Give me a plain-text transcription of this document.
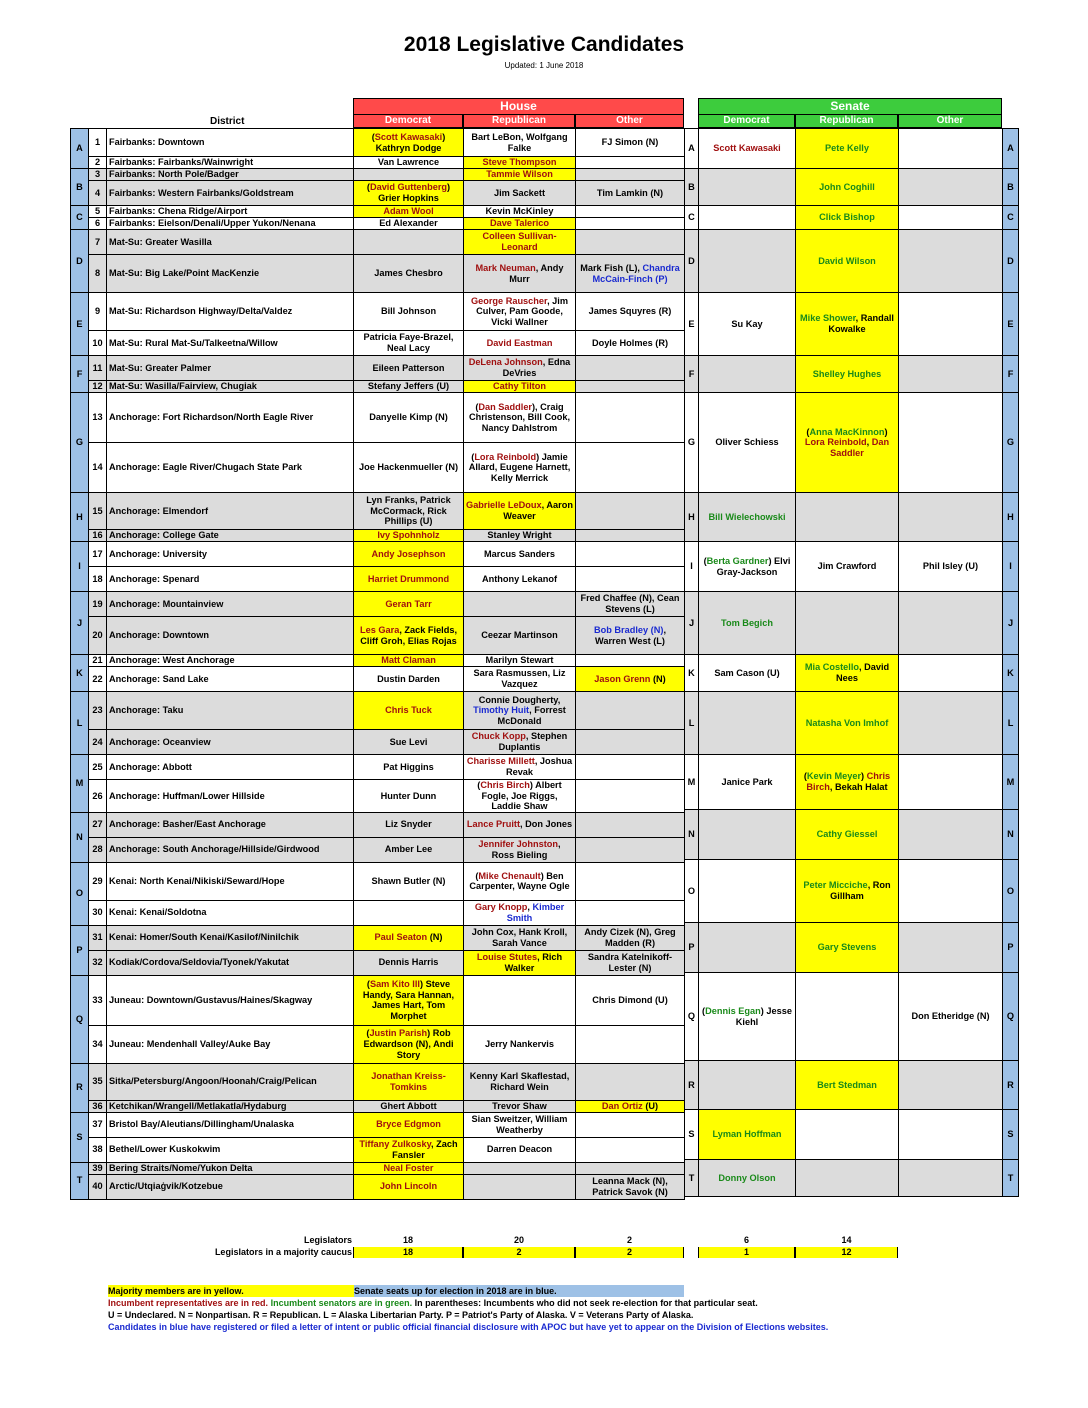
2018 Legislative Candidates
Updated: 1 June 2018
House
Democrat	Republican	Other
Senate
Democrat	Republican	Other
District
A	1	Fairbanks: Downtown	(Scott Kawasaki) Kathryn Dodge	Bart LeBon, Wolfgang Falke	FJ Simon (N)
	2	Fairbanks: Fairbanks/Wainwright	Van Lawrence	Steve Thompson	
B	3	Fairbanks: North Pole/Badger		Tammie Wilson	
	4	Fairbanks: Western Fairbanks/Goldstream	(David Guttenberg) Grier Hopkins	Jim Sackett	Tim Lamkin (N)
C	5	Fairbanks: Chena Ridge/Airport	Adam Wool	Kevin McKinley	
	6	Fairbanks: Eielson/Denali/Upper Yukon/Nenana	Ed Alexander	Dave Talerico	
D	7	Mat-Su: Greater Wasilla		Colleen Sullivan-Leonard	
	8	Mat-Su: Big Lake/Point MacKenzie	James Chesbro	Mark Neuman, Andy Murr	Mark Fish (L), Chandra McCain-Finch (P)
E	9	Mat-Su: Richardson Highway/Delta/Valdez	Bill Johnson	George Rauscher, Jim Culver, Pam Goode, Vicki Wallner	James Squyres (R)
	10	Mat-Su: Rural Mat-Su/Talkeetna/Willow	Patricia Faye-Brazel, Neal Lacy	David Eastman	Doyle Holmes (R)
F	11	Mat-Su: Greater Palmer	Eileen Patterson	DeLena Johnson, Edna DeVries	
	12	Mat-Su: Wasilla/Fairview, Chugiak	Stefany Jeffers (U)	Cathy Tilton	
G	13	Anchorage: Fort Richardson/North Eagle River	Danyelle Kimp (N)	(Dan Saddler), Craig Christenson, Bill Cook, Nancy Dahlstrom	
	14	Anchorage: Eagle River/Chugach State Park	Joe Hackenmueller (N)	(Lora Reinbold) Jamie Allard, Eugene Harnett, Kelly Merrick	
H	15	Anchorage: Elmendorf	Lyn Franks, Patrick McCormack, Rick Phillips (U)	Gabrielle LeDoux, Aaron Weaver	
	16	Anchorage: College Gate	Ivy Spohnholz	Stanley Wright	
I	17	Anchorage: University	Andy Josephson	Marcus Sanders	
	18	Anchorage: Spenard	Harriet Drummond	Anthony Lekanof	
J	19	Anchorage: Mountainview	Geran Tarr		Fred Chaffee (N), Cean Stevens (L)
	20	Anchorage: Downtown	Les Gara, Zack Fields, Cliff Groh, Elias Rojas	Ceezar Martinson	Bob Bradley (N), Warren West (L)
K	21	Anchorage: West Anchorage	Matt Claman	Marilyn Stewart	
	22	Anchorage: Sand Lake	Dustin Darden	Sara Rasmussen, Liz Vazquez	Jason Grenn (N)
L	23	Anchorage: Taku	Chris Tuck	Connie Dougherty, Timothy Huit, Forrest McDonald	
	24	Anchorage: Oceanview	Sue Levi	Chuck Kopp, Stephen Duplantis	
M	25	Anchorage: Abbott	Pat Higgins	Charisse Millett, Joshua Revak	
	26	Anchorage: Huffman/Lower Hillside	Hunter Dunn	(Chris Birch) Albert Fogle, Joe Riggs, Laddie Shaw	
N	27	Anchorage: Basher/East Anchorage	Liz Snyder	Lance Pruitt, Don Jones	
	28	Anchorage: South Anchorage/Hillside/Girdwood	Amber Lee	Jennifer Johnston, Ross Bieling	
O	29	Kenai: North Kenai/Nikiski/Seward/Hope	Shawn Butler (N)	(Mike Chenault) Ben Carpenter, Wayne Ogle	
	30	Kenai: Kenai/Soldotna		Gary Knopp, Kimber Smith	
P	31	Kenai: Homer/South Kenai/Kasilof/Ninilchik	Paul Seaton (N)	John Cox, Hank Kroll, Sarah Vance	Andy Cizek (N), Greg Madden (R)
	32	Kodiak/Cordova/Seldovia/Tyonek/Yakutat	Dennis Harris	Louise Stutes, Rich Walker	Sandra Katelnikoff-Lester (N)
Q	33	Juneau: Downtown/Gustavus/Haines/Skagway	(Sam Kito III) Steve Handy, Sara Hannan, James Hart, Tom Morphet		Chris Dimond (U)
	34	Juneau: Mendenhall Valley/Auke Bay	(Justin Parish) Rob Edwardson (N), Andi Story	Jerry Nankervis	
R	35	Sitka/Petersburg/Angoon/Hoonah/Craig/Pelican	Jonathan Kreiss-Tomkins	Kenny Karl Skaflestad, Richard Wein	
	36	Ketchikan/Wrangell/Metlakatla/Hydaburg	Ghert Abbott	Trevor Shaw	Dan Ortiz (U)
S	37	Bristol Bay/Aleutians/Dillingham/Unalaska	Bryce Edgmon	Sian Sweitzer, William Weatherby	
	38	Bethel/Lower Kuskokwim	Tiffany Zulkosky, Zach Fansler	Darren Deacon	
T	39	Bering Straits/Nome/Yukon Delta	Neal Foster		
	40	Arctic/Utqiaġvik/Kotzebue	John Lincoln		Leanna Mack (N), Patrick Savok (N)
A	Scott Kawasaki	Pete Kelly		A

B		John Coghill		B

C		Click Bishop		C

D		David Wilson		D

E	Su Kay	Mike Shower, Randall Kowalke		E

F		Shelley Hughes		F

G	Oliver Schiess	(Anna MacKinnon) Lora Reinbold, Dan Saddler		G

H	Bill Wielechowski			H

I	(Berta Gardner) Elvi Gray-Jackson	Jim Crawford	Phil Isley (U)	I

J	Tom Begich			J

K	Sam Cason (U)	Mia Costello, David Nees		K

L		Natasha Von Imhof		L

M	Janice Park	(Kevin Meyer) Chris Birch, Bekah Halat		M

N		Cathy Giessel		N

O		Peter Micciche, Ron Gillham		O

P		Gary Stevens		P

Q	(Dennis Egan) Jesse Kiehl		Don Etheridge (N)	Q

R		Bert Stedman		R

S	Lyman Hoffman			S

T	Donny Olson			T

Legislators	18	20	2	6	14
Legislators in a majority caucus	18	2	2	1	12
Majority members are in yellow.	Senate seats up for election in 2018 are in blue.
Incumbent representatives are in red. Incumbent senators are in green. In parentheses: Incumbents who did not seek re-election for that particular seat.
U = Undeclared. N = Nonpartisan. R = Republican. L = Alaska Libertarian Party. P = Patriot's Party of Alaska. V = Veterans Party of Alaska.
Candidates in blue have registered or filed a letter of intent or public official financial disclosure with APOC but have yet to appear on the Division of Elections websites.
